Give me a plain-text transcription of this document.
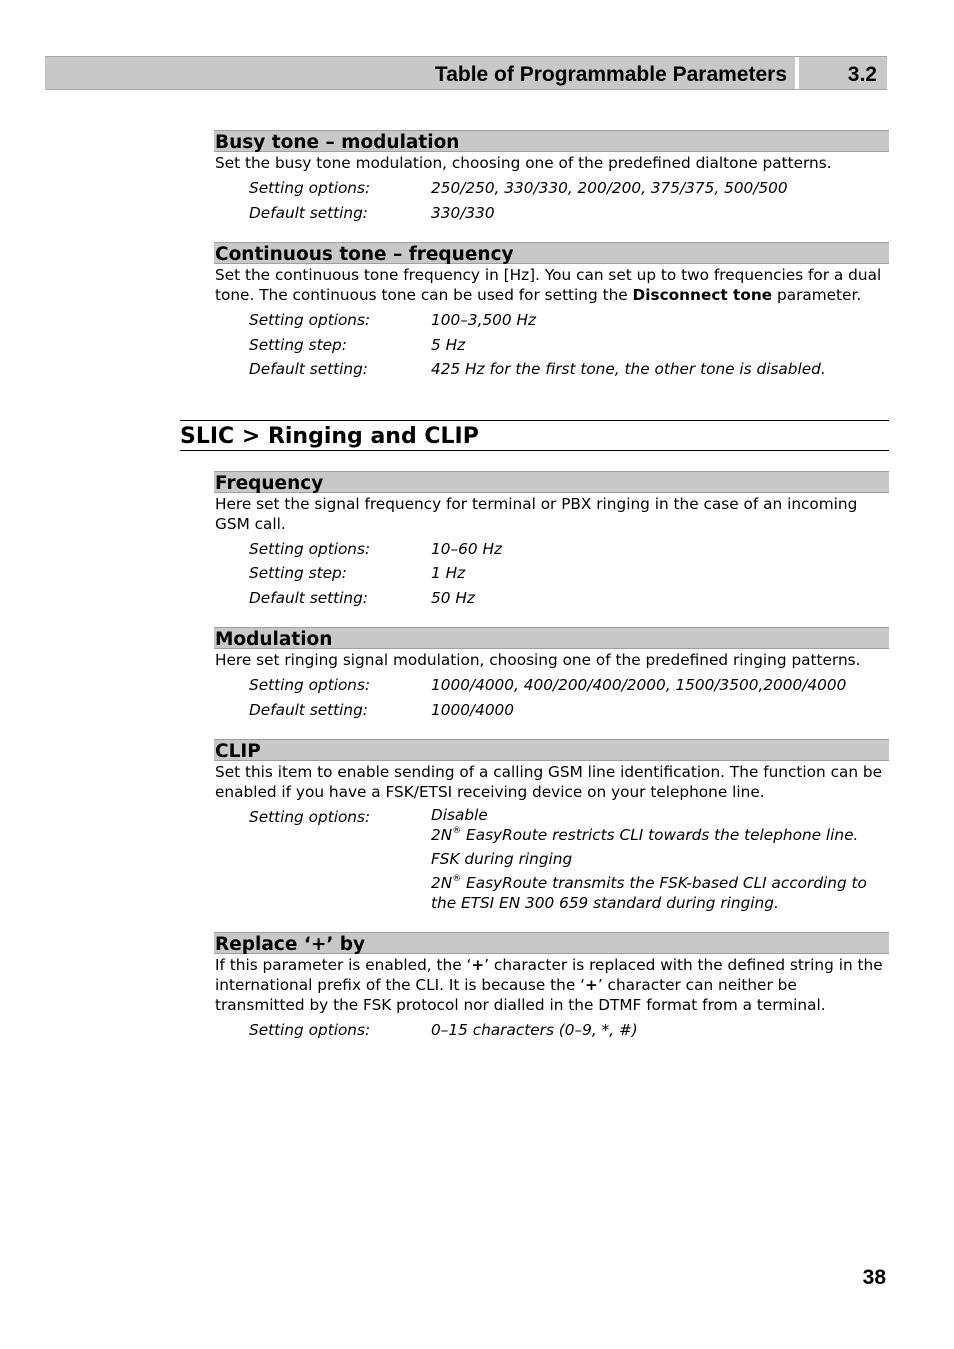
Table of Programmable Parameters	3.2
Busy tone – modulation
Set the busy tone modulation, choosing one of the predefined dialtone patterns.
Setting options:	250/250, 330/330, 200/200, 375/375, 500/500
Default setting:	330/330
Continuous tone – frequency
Set the continuous tone frequency in [Hz]. You can set up to two frequencies for a dual tone. The continuous tone can be used for setting the Disconnect tone parameter.
Setting options:	100–3,500 Hz
Setting step:	5 Hz
Default setting:	425 Hz for the first tone, the other tone is disabled.
SLIC > Ringing and CLIP
Frequency
Here set the signal frequency for terminal or PBX ringing in the case of an incoming GSM call.
Setting options:	10–60 Hz
Setting step:	1 Hz
Default setting:	50 Hz
Modulation
Here set ringing signal modulation, choosing one of the predefined ringing patterns.
Setting options:	1000/4000, 400/200/400/2000, 1500/3500,2000/4000
Default setting:	1000/4000
CLIP
Set this item to enable sending of a calling GSM line identification. The function can be enabled if you have a FSK/ETSI receiving device on your telephone line.
Setting options:	Disable
2N® EasyRoute restricts CLI towards the telephone line.
FSK during ringing
2N® EasyRoute transmits the FSK-based CLI according to the ETSI EN 300 659 standard during ringing.
Replace ‘+’ by
If this parameter is enabled, the ‘+’ character is replaced with the defined string in the international prefix of the CLI. It is because the ‘+’ character can neither be transmitted by the FSK protocol nor dialled in the DTMF format from a terminal.
Setting options:	0–15 characters (0–9, *, #)
38
